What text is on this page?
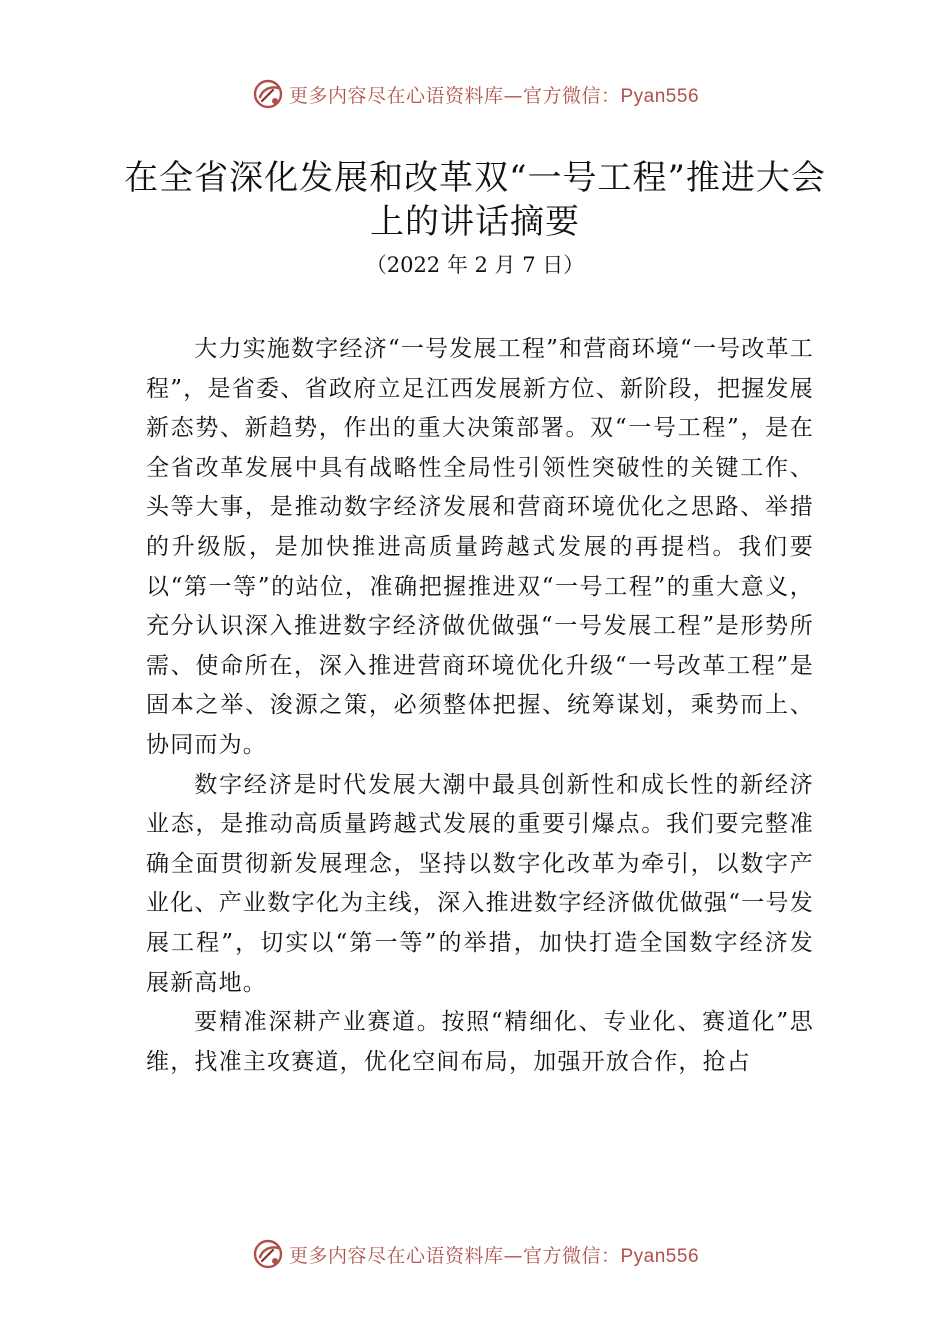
更多内容尽在心语资料库—官方微信：Pyan556
在全省深化发展和改革双“一号工程”推进大会上的讲话摘要
（2022 年 2 月 7 日）

大力实施数字经济“一号发展工程”和营商环境“一号改革工程”，是省委、省政府立足江西发展新方位、新阶段，把握发展新态势、新趋势，作出的重大决策部署。双“一号工程”，是在全省改革发展中具有战略性全局性引领性突破性的关键工作、头等大事，是推动数字经济发展和营商环境优化之思路、举措的升级版，是加快推进高质量跨越式发展的再提档。我们要以“第一等”的站位，准确把握推进双“一号工程”的重大意义，充分认识深入推进数字经济做优做强“一号发展工程”是形势所需、使命所在，深入推进营商环境优化升级“一号改革工程”是固本之举、浚源之策，必须整体把握、统筹谋划，乘势而上、协同而为。

数字经济是时代发展大潮中最具创新性和成长性的新经济业态，是推动高质量跨越式发展的重要引爆点。我们要完整准确全面贯彻新发展理念，坚持以数字化改革为牵引，以数字产业化、产业数字化为主线，深入推进数字经济做优做强“一号发展工程”，切实以“第一等”的举措，加快打造全国数字经济发展新高地。

要精准深耕产业赛道。按照“精细化、专业化、赛道化”思维，找准主攻赛道，优化空间布局，加强开放合作，抢占

更多内容尽在心语资料库—官方微信：Pyan556
